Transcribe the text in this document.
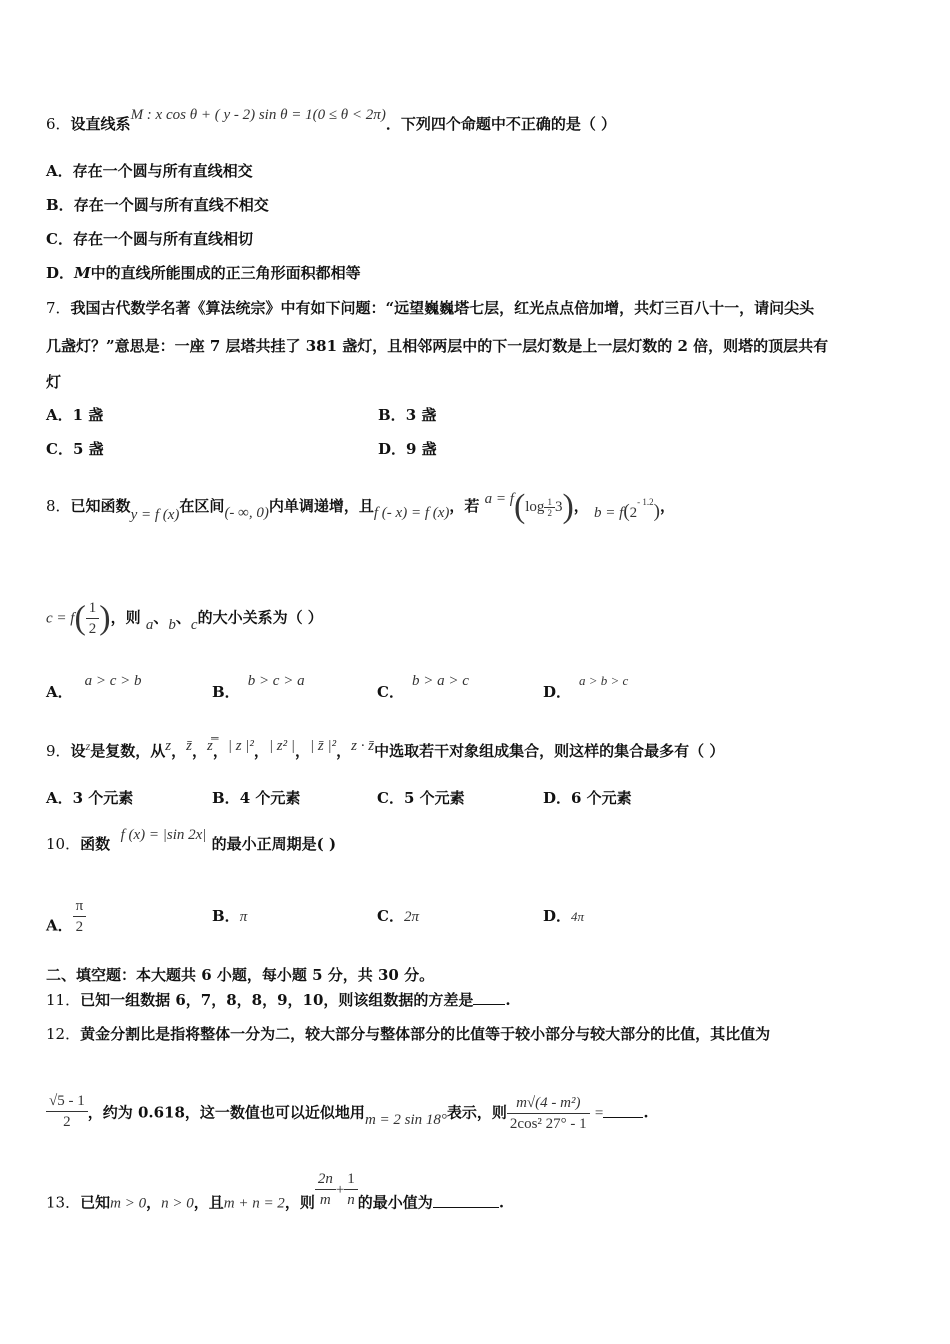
6．设直线系M : x cos θ + ( y - 2) sin θ = 1(0 ≤ θ < 2π)．下列四个命题中不正确的是（ ）
A．存在一个圆与所有直线相交
B．存在一个圆与所有直线不相交
C．存在一个圆与所有直线相切
D．M中的直线所能围成的正三角形面积都相等
7．我国古代数学名著《算法统宗》中有如下问题：“远望巍巍塔七层，红光点点倍加增，共灯三百八十一，请问尖头
几盏灯？”意思是：一座 7 层塔共挂了 381 盏灯，且相邻两层中的下一层灯数是上一层灯数的 2 倍，则塔的顶层共有
灯
A．1 盏	B．3 盏
C．5 盏	D．9 盏
8．已知函数y = f (x)在区间(- ∞, 0)内单调递增，且f (- x) = f (x)，若 $a = f(\log \frac{1}{2} 3)$， $b = f(2^{- 1.2})$，
$c = f( \frac{1}{2}$ )，则 a、b、c的大小关系为（ ）
A．a > c > b
B．b > c > a
C．b > a > c
D．a > b > c
9．设$^z$是复数，从z，z̄，z̿，| z |²，| z² |，| z̄ |²，z · z̄中选取若干对象组成集合，则这样的集合最多有（ ）
A．3 个元素	B．4 个元素	C．5 个元素	D．6 个元素
10．函数 f (x) = |sin 2x| 的最小正周期是( )
A． $\frac{\pi}{2}$	B．π	C．2π	D．4π
二、填空题：本大题共 6 小题，每小题 5 分，共 30 分。
11．已知一组数据 6，7，8，8，9，10，则该组数据的方差是 .
12．黄金分割比是指将整体一分为二，较大部分与整体部分的比值等于较小部分与较大部分的比值，其比值为
$\frac{√5 - 1}{2}$ ，约为 0.618，这一数值也可以近似地用m = 2 sin 18°表示，则 $\frac{\text{m√(4 - m²)}}{\text{2cos² 27° - 1}}$ =	.
13．已知m > 0，n > 0，且m + n = 2，则 $\frac{2n}{m} + \frac{1}{n}$ 的最小值为	.
